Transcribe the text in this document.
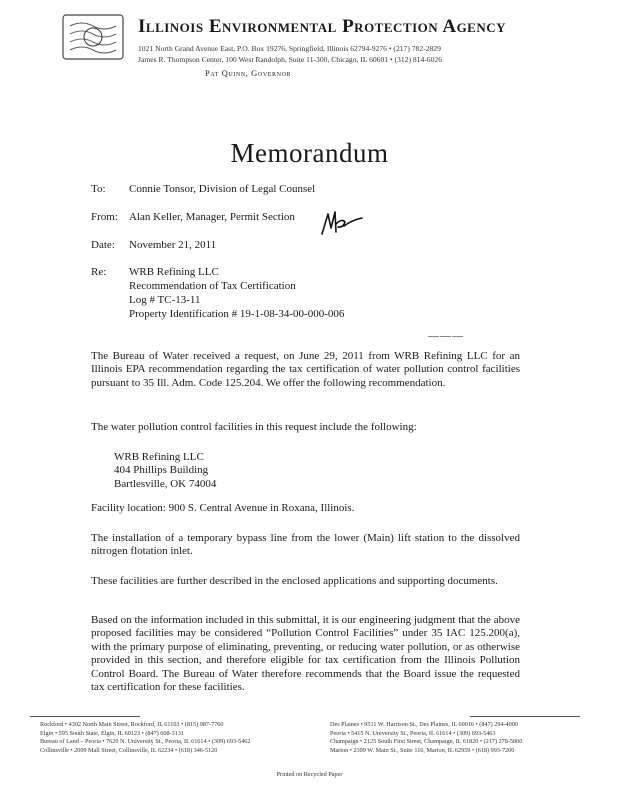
Illinois Environmental Protection Agency
1021 North Grand Avenue East, P.O. Box 19276, Springfield, Illinois 62794-9276 • (217) 782-2829
James R. Thompson Center, 100 West Randolph, Suite 11-300, Chicago, IL 60601 • (312) 814-6026
Pat Quinn, Governor
Memorandum
To: Connie Tonsor, Division of Legal Counsel
From: Alan Keller, Manager, Permit Section
Date: November 21, 2011
Re: WRB Refining LLC
Recommendation of Tax Certification
Log # TC-13-11
Property Identification # 19-1-08-34-00-000-006
———

The Bureau of Water received a request, on June 29, 2011 from WRB Refining LLC for an Illinois EPA recommendation regarding the tax certification of water pollution control facilities pursuant to 35 Ill. Adm. Code 125.204. We offer the following recommendation.

The water pollution control facilities in this request include the following:

WRB Refining LLC
404 Phillips Building
Bartlesville, OK 74004

Facility location: 900 S. Central Avenue in Roxana, Illinois.

The installation of a temporary bypass line from the lower (Main) lift station to the dissolved nitrogen flotation inlet.

These facilities are further described in the enclosed applications and supporting documents.

Based on the information included in this submittal, it is our engineering judgment that the above proposed facilities may be considered “Pollution Control Facilities” under 35 IAC 125.200(a), with the primary purpose of eliminating, preventing, or reducing water pollution, or as otherwise provided in this section, and therefore eligible for tax certification from the Illinois Pollution Control Board. The Bureau of Water therefore recommends that the Board issue the requested tax certification for these facilities.

Rockford • 4302 North Main Street, Rockford, IL 61103 • (815) 987-7760
Elgin • 595 South State, Elgin, IL 60123 • (847) 608-3131
Bureau of Land – Peoria • 7620 N. University St., Peoria, IL 61614 • (309) 693-5462
Collinsville • 2009 Mall Street, Collinsville, IL 62234 • (618) 346-5120
Des Plaines • 9511 W. Harrison St., Des Plaines, IL 60016 • (847) 294-4000
Peoria • 5415 N. University St., Peoria, IL 61614 • (309) 693-5463
Champaign • 2125 South First Street, Champaign, IL 61820 • (217) 278-5800
Marion • 2309 W. Main St., Suite 116, Marion, IL 62959 • (618) 993-7200
Printed on Recycled Paper
